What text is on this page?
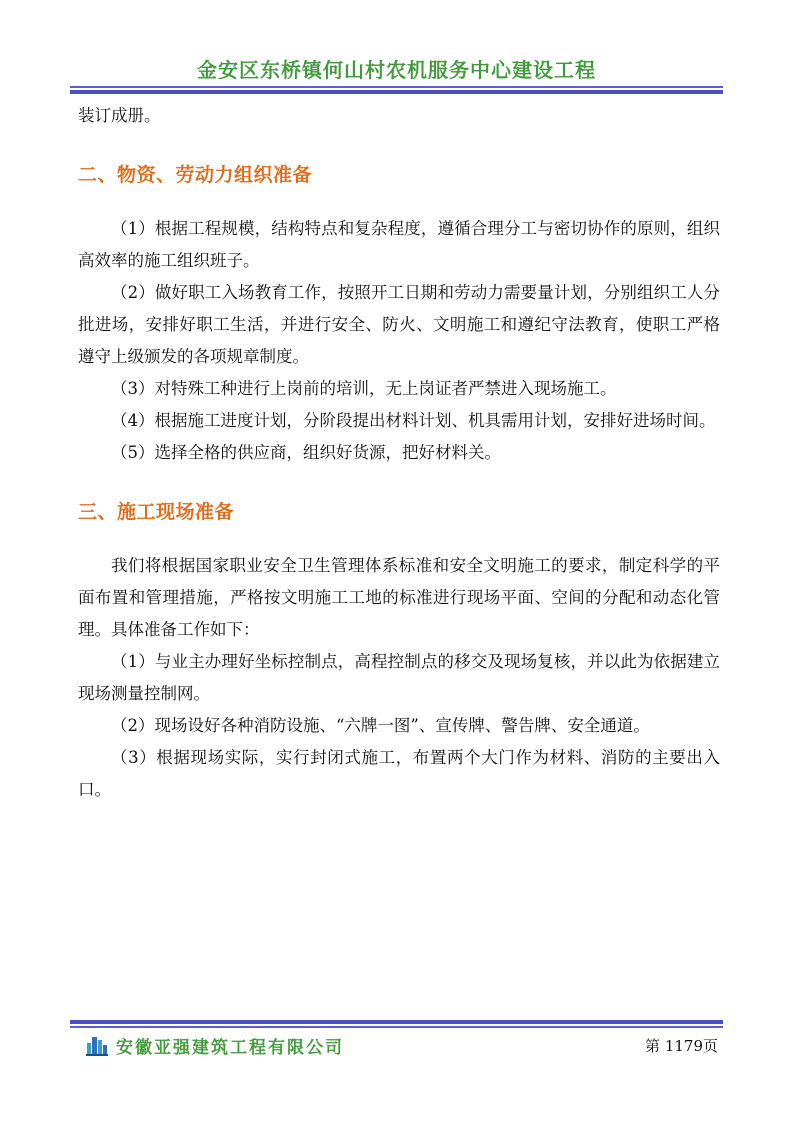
金安区东桥镇何山村农机服务中心建设工程

装订成册。

二、物资、劳动力组织准备

（1）根据工程规模，结构特点和复杂程度，遵循合理分工与密切协作的原则，组织高效率的施工组织班子。

（2）做好职工入场教育工作，按照开工日期和劳动力需要量计划，分别组织工人分批进场，安排好职工生活，并进行安全、防火、文明施工和遵纪守法教育，使职工严格遵守上级颁发的各项规章制度。

（3）对特殊工种进行上岗前的培训，无上岗证者严禁进入现场施工。

（4）根据施工进度计划，分阶段提出材料计划、机具需用计划，安排好进场时间。

（5）选择全格的供应商，组织好货源，把好材料关。

三、施工现场准备

我们将根据国家职业安全卫生管理体系标准和安全文明施工的要求，制定科学的平面布置和管理措施，严格按文明施工工地的标准进行现场平面、空间的分配和动态化管理。具体准备工作如下：

（1）与业主办理好坐标控制点，高程控制点的移交及现场复核，并以此为依据建立现场测量控制网。

（2）现场设好各种消防设施、“六牌一图”、宣传牌、警告牌、安全通道。

（3）根据现场实际，实行封闭式施工，布置两个大门作为材料、消防的主要出入口。

安徽亚强建筑工程有限公司	第 1179页
